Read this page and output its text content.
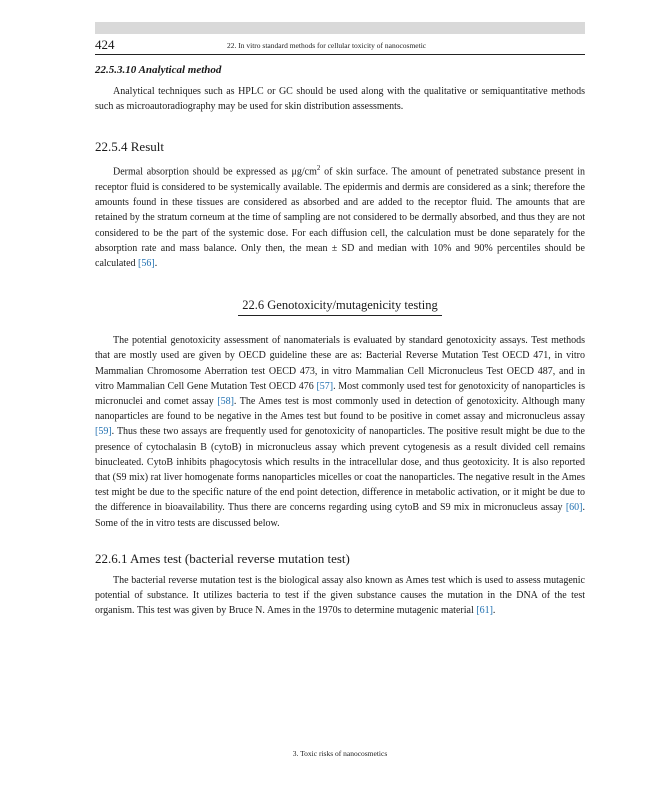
424	22. In vitro standard methods for cellular toxicity of nanocosmetic
22.5.3.10 Analytical method

Analytical techniques such as HPLC or GC should be used along with the qualitative or semiquantitative methods such as microautoradiography may be used for skin distribution assessments.

22.5.4 Result

Dermal absorption should be expressed as $\mu g/cm^2$ of skin surface. The amount of penetrated substance present in receptor fluid is considered to be systemically available. The epidermis and dermis are considered as a sink; therefore the amounts found in these tissues are considered as absorbed and are added to the receptor fluid. The amounts that are retained by the stratum corneum at the time of sampling are not considered to be dermally absorbed, and thus they are not considered to be the part of the systemic dose. For each diffusion cell, the calculation must be done separately for the absorption rate and mass balance. Only then, the mean ± SD and median with 10% and 90% percentiles should be calculated [56].

22.6 Genotoxicity/mutagenicity testing

The potential genotoxicity assessment of nanomaterials is evaluated by standard genotoxicity assays. Test methods that are mostly used are given by OECD guideline these are as: Bacterial Reverse Mutation Test OECD 471, in vitro Mammalian Chromosome Aberration test OECD 473, in vitro Mammalian Cell Micronucleus Test OECD 487, and in vitro Mammalian Cell Gene Mutation Test OECD 476 [57]. Most commonly used test for genotoxicity of nanoparticles is micronuclei and comet assay [58]. The Ames test is most commonly used in detection of genotoxicity. Although many nanoparticles are found to be negative in the Ames test but found to be positive in comet assay and micronucleus assay [59]. Thus these two assays are frequently used for genotoxicity of nanoparticles. The positive result might be due to the presence of cytochalasin B (cytoB) in micronucleus assay which prevent cytogenesis as a result divided cell remains binucleated. CytoB inhibits phagocytosis which results in the intracellular dose, and thus geotoxicity. It is also reported that (S9 mix) rat liver homogenate forms nanoparticles micelles or coat the nanoparticles. The negative result in the Ames test might be due to the specific nature of the end point detection, difference in metabolic activation, or it might be due to the difference in bioavailability. Thus there are concerns regarding using cytoB and S9 mix in micronucleus assay [60]. Some of the in vitro tests are discussed below.

22.6.1 Ames test (bacterial reverse mutation test)

The bacterial reverse mutation test is the biological assay also known as Ames test which is used to assess mutagenic potential of substance. It utilizes bacteria to test if the given substance causes the mutation in the DNA of the test organism. This test was given by Bruce N. Ames in the 1970s to determine mutagenic material [61].

3. Toxic risks of nanocosmetics
